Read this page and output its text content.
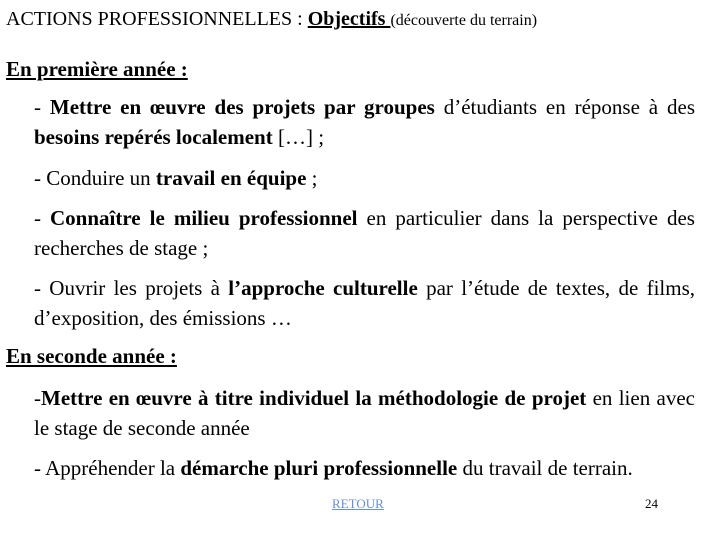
ACTIONS PROFESSIONNELLES : Objectifs (découverte du terrain)
En première année :
- Mettre en œuvre des projets par groupes d’étudiants en réponse à des besoins repérés localement […] ;
- Conduire un travail en équipe ;
- Connaître le milieu professionnel en particulier dans la perspective des recherches de stage ;
- Ouvrir les projets à l’approche culturelle par l’étude de textes, de films, d’exposition, des émissions …
En seconde année :
-Mettre en œuvre à titre individuel la méthodologie de projet en lien avec le stage de seconde année
- Appréhender la démarche pluri professionnelle du travail de terrain.
RETOUR	24
